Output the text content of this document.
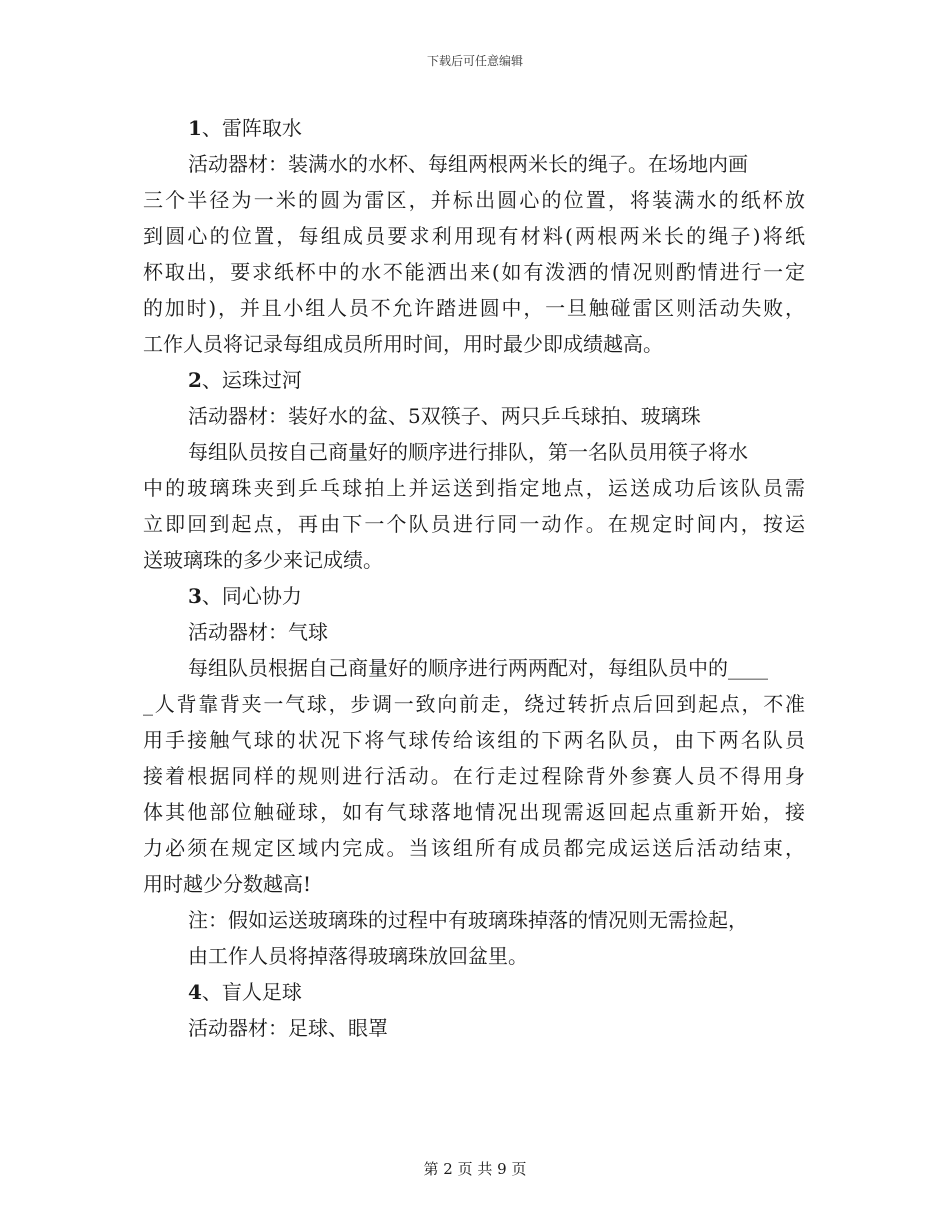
下载后可任意编辑
1、雷阵取水
活动器材：装满水的水杯、每组两根两米长的绳子。在场地内画
三个半径为一米的圆为雷区，并标出圆心的位置，将装满水的纸杯放
到圆心的位置，每组成员要求利用现有材料(两根两米长的绳子)将纸
杯取出，要求纸杯中的水不能洒出来(如有泼洒的情况则酌情进行一定
的加时)，并且小组人员不允许踏进圆中，一旦触碰雷区则活动失败，
工作人员将记录每组成员所用时间，用时最少即成绩越高。
2、运珠过河
活动器材：装好水的盆、5双筷子、两只乒乓球拍、玻璃珠
每组队员按自己商量好的顺序进行排队，第一名队员用筷子将水
中的玻璃珠夹到乒乓球拍上并运送到指定地点，运送成功后该队员需
立即回到起点，再由下一个队员进行同一动作。在规定时间内，按运
送玻璃珠的多少来记成绩。
3、同心协力
活动器材：气球
每组队员根据自己商量好的顺序进行两两配对，每组队员中的____
_人背靠背夹一气球，步调一致向前走，绕过转折点后回到起点，不准
用手接触气球的状况下将气球传给该组的下两名队员，由下两名队员
接着根据同样的规则进行活动。在行走过程除背外参赛人员不得用身
体其他部位触碰球，如有气球落地情况出现需返回起点重新开始，接
力必须在规定区域内完成。当该组所有成员都完成运送后活动结束，
用时越少分数越高!
注：假如运送玻璃珠的过程中有玻璃珠掉落的情况则无需捡起，
由工作人员将掉落得玻璃珠放回盆里。
4、盲人足球
活动器材：足球、眼罩
第 2 页 共 9 页
